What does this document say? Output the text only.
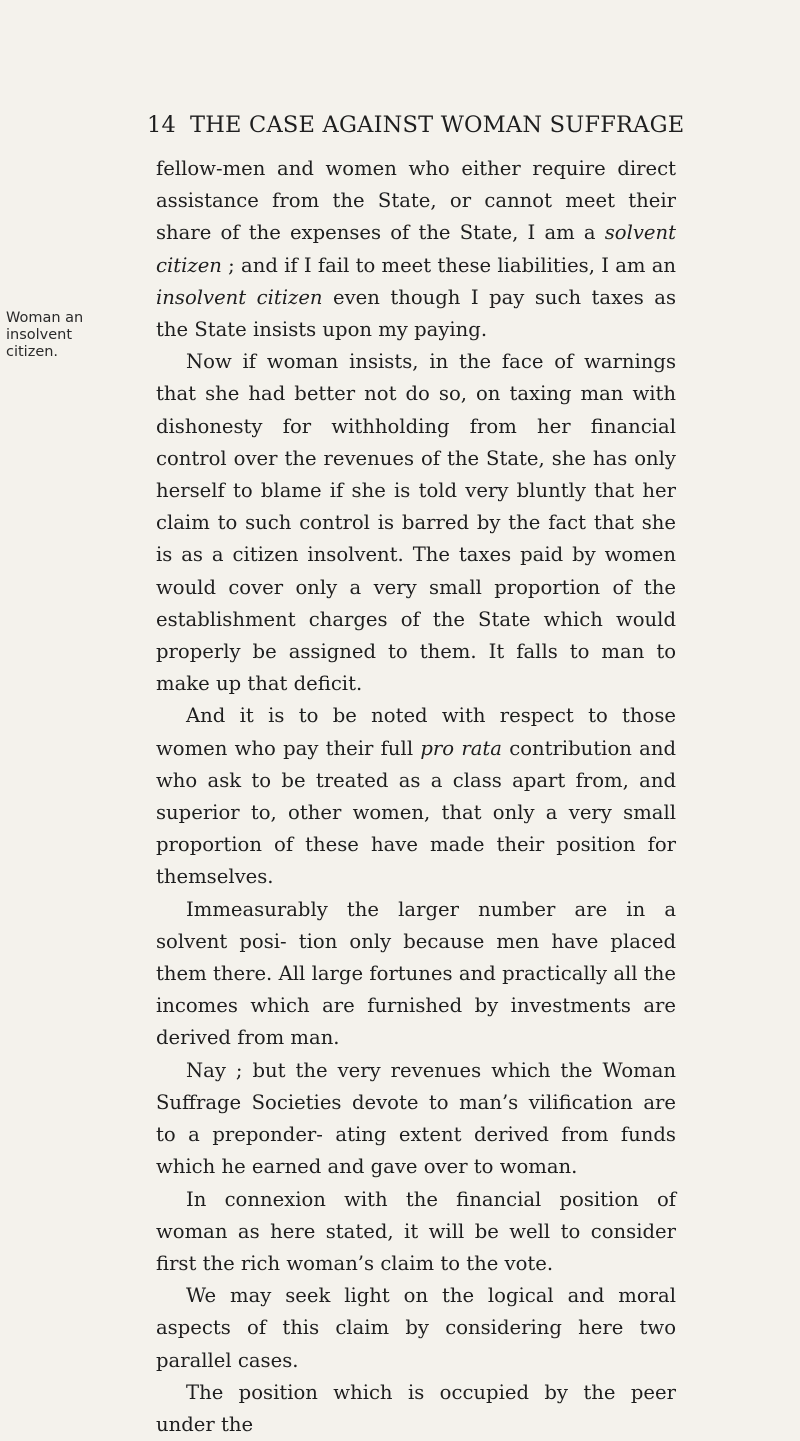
14 THE CASE AGAINST WOMAN SUFFRAGE
Woman an insolvent citizen.

fellow-men and women who either require direct assistance from the State, or cannot meet their share of the expenses of the State, I am a solvent citizen ; and if I fail to meet these liabilities, I am an insolvent citizen even though I pay such taxes as the State insists upon my paying.

Now if woman insists, in the face of warnings that she had better not do so, on taxing man with dishonesty for withholding from her financial control over the revenues of the State, she has only herself to blame if she is told very bluntly that her claim to such control is barred by the fact that she is as a citizen insolvent. The taxes paid by women would cover only a very small proportion of the establishment charges of the State which would properly be assigned to them. It falls to man to make up that deficit.

And it is to be noted with respect to those women who pay their full pro rata contribution and who ask to be treated as a class apart from, and superior to, other women, that only a very small proportion of these have made their position for themselves.

Immeasurably the larger number are in a solvent posi- tion only because men have placed them there. All large fortunes and practically all the incomes which are furnished by investments are derived from man.

Nay ; but the very revenues which the Woman Suffrage Societies devote to man’s vilification are to a preponder- ating extent derived from funds which he earned and gave over to woman.

In connexion with the financial position of woman as here stated, it will be well to consider first the rich woman’s claim to the vote.

We may seek light on the logical and moral aspects of this claim by considering here two parallel cases.

The position which is occupied by the peer under the
